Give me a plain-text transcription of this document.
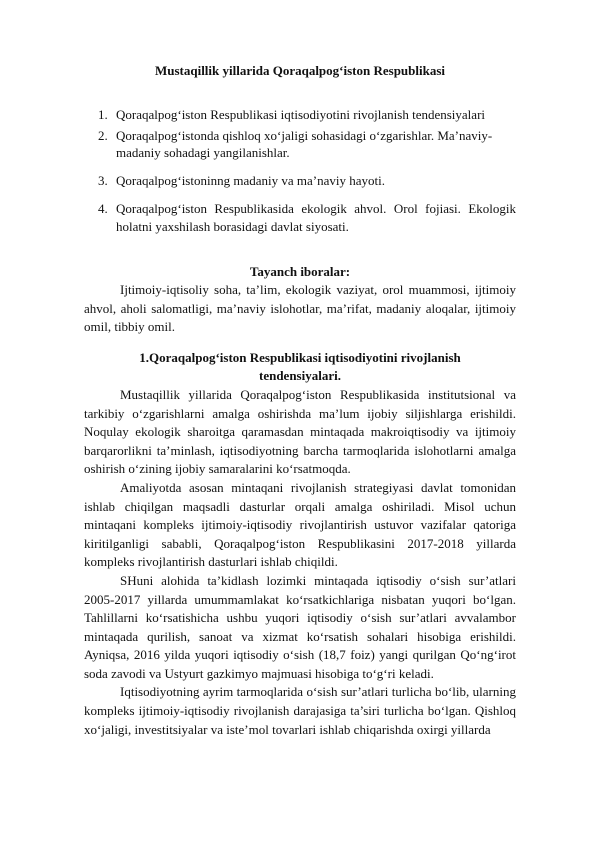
Mustaqillik yillarida Qoraqalpog‘iston Respublikasi
1. Qoraqalpog‘iston Respublikasi iqtisodiyotini rivojlanish tendensiyalari
2. Qoraqalpog‘istonda qishloq xo‘jaligi sohasidagi o‘zgarishlar. Ma’naviy-madaniy sohadagi yangilanishlar.
3. Qoraqalpog‘istoninng madaniy va ma’naviy hayoti.
4. Qoraqalpog‘iston Respublikasida ekologik ahvol. Orol fojiasi. Ekologik holatni yaxshilash borasidagi davlat siyosati.
Tayanch iboralar:

Ijtimoiy-iqtisoliy soha, ta’lim, ekologik vaziyat, orol muammosi, ijtimoiy ahvol, aholi salomatligi, ma’naviy islohotlar, ma’rifat, madaniy aloqalar, ijtimoiy omil, tibbiy omil.

1.Qoraqalpog‘iston Respublikasi iqtisodiyotini rivojlanish tendensiyalari.

Mustaqillik yillarida Qoraqalpog‘iston Respublikasida institutsional va tarkibiy o‘zgarishlarni amalga oshirishda ma’lum ijobiy siljishlarga erishildi. Noqulay ekologik sharoitga qaramasdan mintaqada makroiqtisodiy va ijtimoiy barqarorlikni ta’minlash, iqtisodiyotning barcha tarmoqlarida islohotlarni amalga oshirish o‘zining ijobiy samaralarini ko‘rsatmoqda.

Amaliyotda asosan mintaqani rivojlanish strategiyasi davlat tomonidan ishlab chiqilgan maqsadli dasturlar orqali amalga oshiriladi. Misol uchun mintaqani kompleks ijtimoiy-iqtisodiy rivojlantirish ustuvor vazifalar qatoriga kiritilganligi sababli, Qoraqalpog‘iston Respublikasini 2017-2018 yillarda kompleks rivojlantirish dasturlari ishlab chiqildi.

SHuni alohida ta’kidlash lozimki mintaqada iqtisodiy o‘sish sur’atlari 2005-2017 yillarda umummamlakat ko‘rsatkichlariga nisbatan yuqori bo‘lgan. Tahlillarni ko‘rsatishicha ushbu yuqori iqtisodiy o‘sish sur’atlari avvalambor mintaqada qurilish, sanoat va xizmat ko‘rsatish sohalari hisobiga erishildi. Ayniqsa, 2016 yilda yuqori iqtisodiy o‘sish (18,7 foiz) yangi qurilgan Qo‘ng‘irot soda zavodi va Ustyurt gazkimyo majmuasi hisobiga to‘g‘ri keladi.

Iqtisodiyotning ayrim tarmoqlarida o‘sish sur’atlari turlicha bo‘lib, ularning kompleks ijtimoiy-iqtisodiy rivojlanish darajasiga ta’siri turlicha bo‘lgan. Qishloq xo‘jaligi, investitsiyalar va iste’mol tovarlari ishlab chiqarishda oxirgi yillarda
